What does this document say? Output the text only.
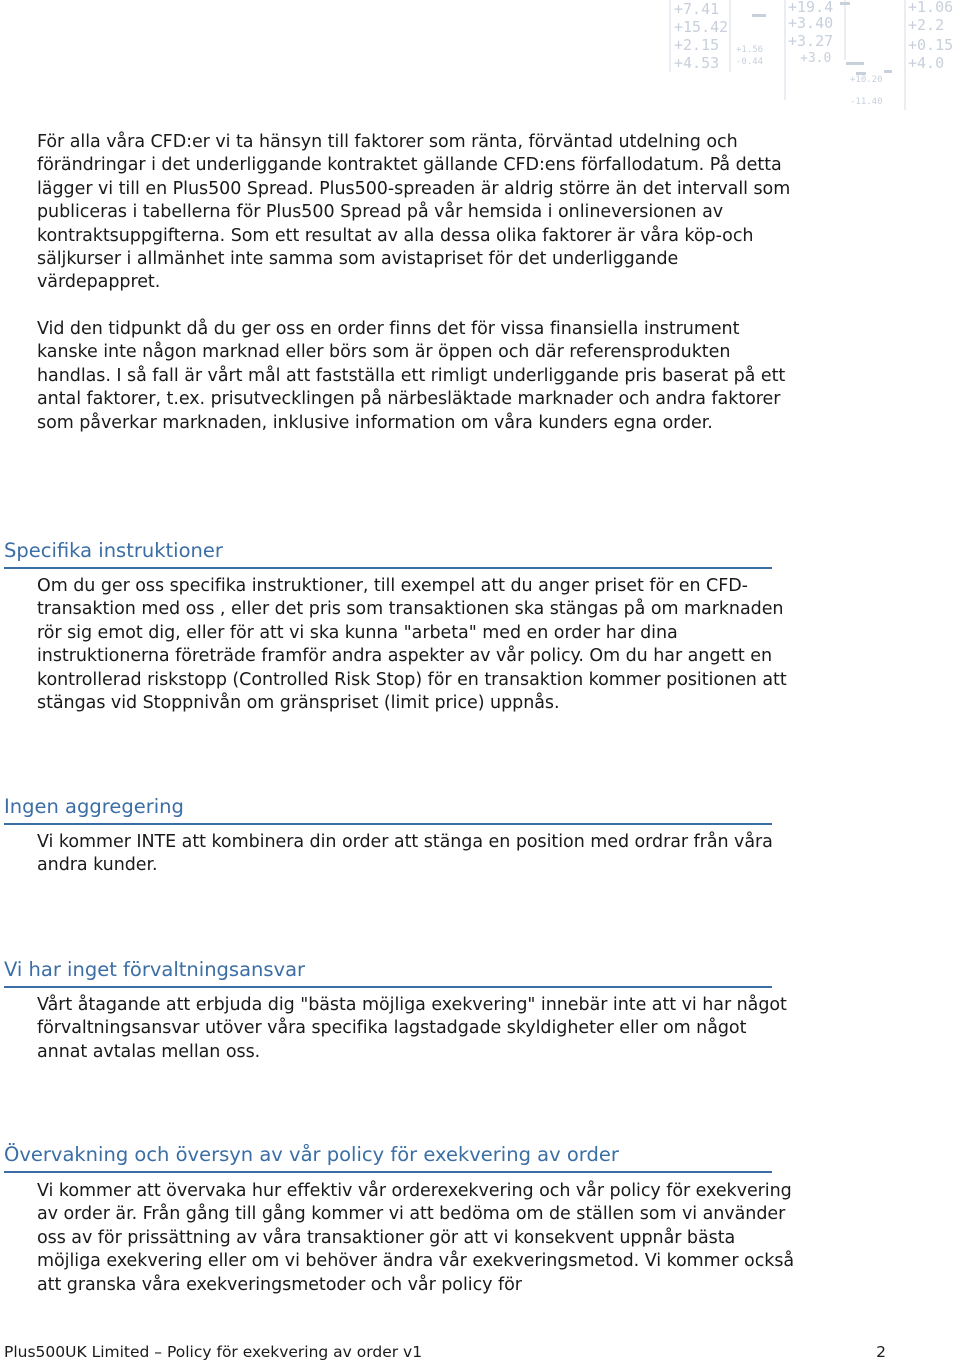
+7.41
+15.42
+2.15
+4.53
+19.4
+3.40
+3.27
+3.0
+1.06
+2.2
+0.15
+4.0
+1.56
-0.44
+10.20
-11.40

För alla våra CFD:er vi ta hänsyn till faktorer som ränta, förväntad utdelning och förändringar i det underliggande kontraktet gällande CFD:ens förfallodatum. På detta lägger vi till en Plus500 Spread. Plus500-spreaden är aldrig större än det intervall som publiceras i tabellerna för Plus500 Spread på vår hemsida i onlineversionen av kontraktsuppgifterna. Som ett resultat av alla dessa olika faktorer är våra köp-och säljkurser i allmänhet inte samma som avistapriset för det underliggande värdepappret.

Vid den tidpunkt då du ger oss en order finns det för vissa finansiella instrument kanske inte någon marknad eller börs som är öppen och där referensprodukten handlas. I så fall är vårt mål att fastställa ett rimligt underliggande pris baserat på ett antal faktorer, t.ex. prisutvecklingen på närbesläktade marknader och andra faktorer som påverkar marknaden, inklusive information om våra kunders egna order.

Specifika instruktioner

Om du ger oss specifika instruktioner, till exempel att du anger priset för en CFD-transaktion med oss , eller det pris som transaktionen ska stängas på om marknaden rör sig emot dig, eller för att vi ska kunna "arbeta" med en order har dina instruktionerna företräde framför andra aspekter av vår policy. Om du har angett en kontrollerad riskstopp (Controlled Risk Stop) för en transaktion kommer positionen att stängas vid Stoppnivån om gränspriset (limit price) uppnås.

Ingen aggregering

Vi kommer INTE att kombinera din order att stänga en position med ordrar från våra andra kunder.

Vi har inget förvaltningsansvar

Vårt åtagande att erbjuda dig "bästa möjliga exekvering" innebär inte att vi har något förvaltningsansvar utöver våra specifika lagstadgade skyldigheter eller om något annat avtalas mellan oss.

Övervakning och översyn av vår policy för exekvering av order

Vi kommer att övervaka hur effektiv vår orderexekvering och vår policy för exekvering av order är. Från gång till gång kommer vi att bedöma om de ställen som vi använder oss av för prissättning av våra transaktioner gör att vi konsekvent uppnår bästa möjliga exekvering eller om vi behöver ändra vår exekveringsmetod. Vi kommer också att granska våra exekveringsmetoder och vår policy för

Plus500UK Limited – Policy för exekvering av order v1	2
